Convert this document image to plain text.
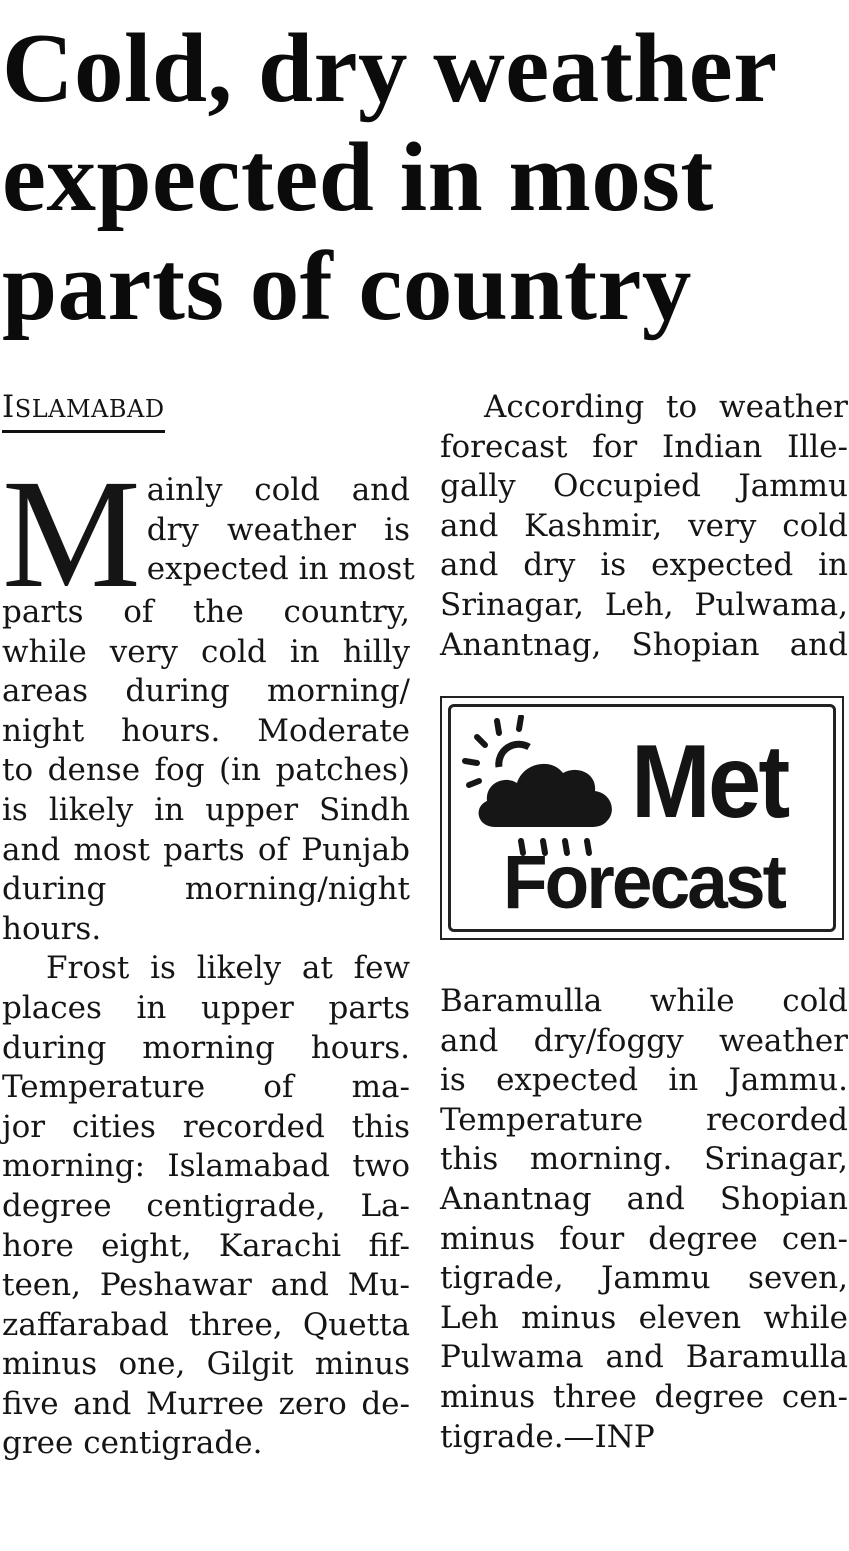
Cold, dry weather
expected in most
parts of country
ISLAMABAD
M ainly cold and
dry weather is
expected in most
parts of the country,
while very cold in hilly
areas during morning/
night hours. Moderate
to dense fog (in patches)
is likely in upper Sindh
and most parts of Punjab
during morning/night
hours.
Frost is likely at few
places in upper parts
during morning hours.
Temperature of ma-
jor cities recorded this
morning: Islamabad two
degree centigrade, La-
hore eight, Karachi fif-
teen, Peshawar and Mu-
zaffarabad three, Quetta
minus one, Gilgit minus
five and Murree zero de-
gree centigrade.
According to weather
forecast for Indian Ille-
gally Occupied Jammu
and Kashmir, very cold
and dry is expected in
Srinagar, Leh, Pulwama,
Anantnag, Shopian and
Met
Forecast
Baramulla while cold
and dry/foggy weather
is expected in Jammu.
Temperature recorded
this morning. Srinagar,
Anantnag and Shopian
minus four degree cen-
tigrade, Jammu seven,
Leh minus eleven while
Pulwama and Baramulla
minus three degree cen-
tigrade.—INP
